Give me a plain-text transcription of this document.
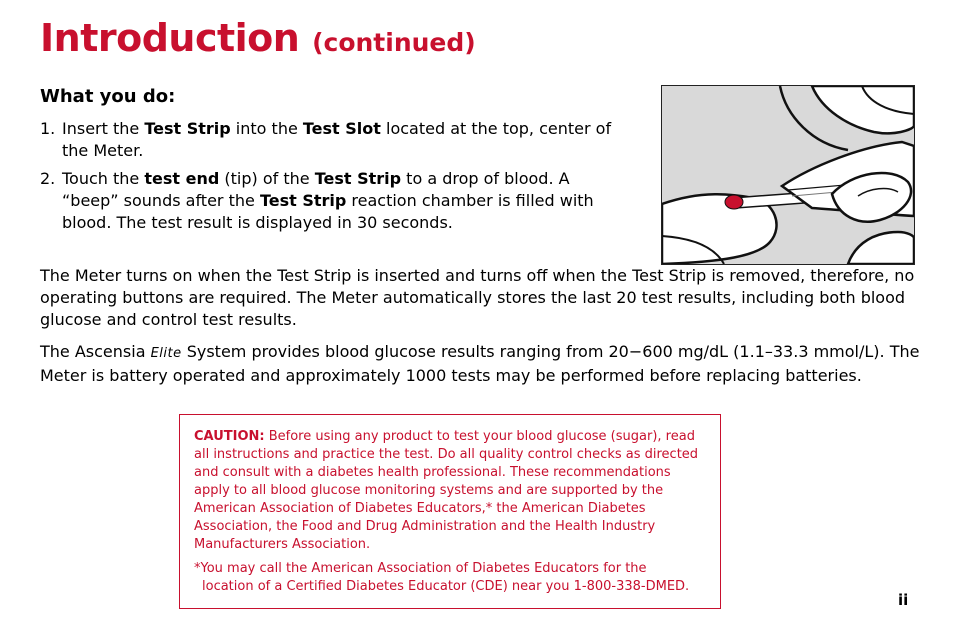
Introduction (continued)
What you do:
1. Insert the Test Strip into the Test Slot located at the top, center of the Meter.
2. Touch the test end (tip) of the Test Strip to a drop of blood. A “beep” sounds after the Test Strip reaction chamber is filled with blood. The test result is displayed in 30 seconds.

The Meter turns on when the Test Strip is inserted and turns off when the Test Strip is removed, therefore, no operating buttons are required. The Meter automatically stores the last 20 test results, including both blood glucose and control test results.

The Ascensia Elite System provides blood glucose results ranging from 20−600 mg/dL (1.1–33.3 mmol/L). The Meter is battery operated and approximately 1000 tests may be performed before replacing batteries.

CAUTION: Before using any product to test your blood glucose (sugar), read all instructions and practice the test. Do all quality control checks as directed and consult with a diabetes health professional. These recommendations apply to all blood glucose monitoring systems and are supported by the American Association of Diabetes Educators,* the American Diabetes Association, the Food and Drug Administration and the Health Industry Manufacturers Association.

*You may call the American Association of Diabetes Educators for the location of a Certified Diabetes Educator (CDE) near you 1-800-338-DMED.

ii
